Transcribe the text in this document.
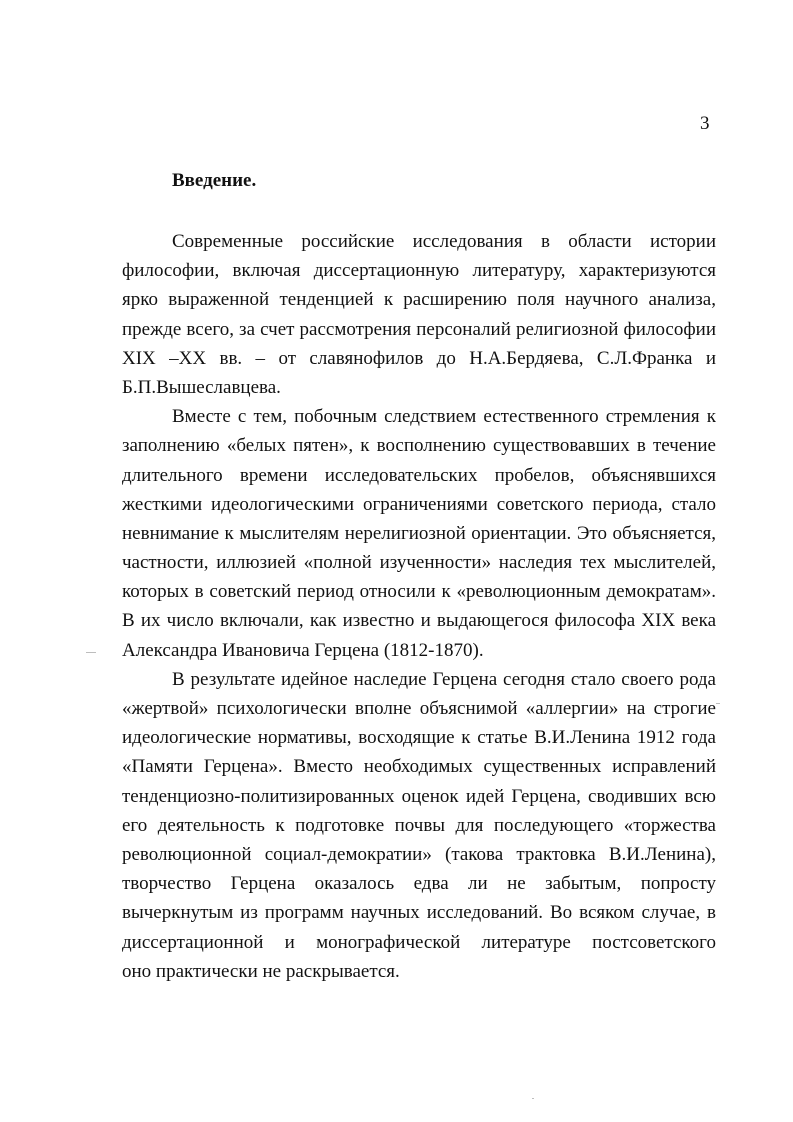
3
Введение.
Современные российские исследования в области истории
философии, включая диссертационную литературу, характеризуются
ярко выраженной тенденцией к расширению поля научного анализа,
прежде всего, за счет рассмотрения персоналий религиозной философии
XIX –XX вв. – от славянофилов до Н.А.Бердяева, С.Л.Франка и
Б.П.Вышеславцева.
Вместе с тем, побочным следствием естественного стремления к
заполнению «белых пятен», к восполнению существовавших в течение
длительного времени исследовательских пробелов, объяснявшихся
жесткими идеологическими ограничениями советского периода, стало
невнимание к мыслителям нерелигиозной ориентации. Это объясняется,
частности, иллюзией «полной изученности» наследия тех мыслителей,
которых в советский период относили к «революционным демократам».
В их число включали, как известно и выдающегося философа XIX века
Александра Ивановича Герцена (1812-1870).
В результате идейное наследие Герцена сегодня стало своего рода
«жертвой» психологически вполне объяснимой «аллергии» на строгие
идеологические нормативы, восходящие к статье В.И.Ленина 1912 года
«Памяти Герцена». Вместо необходимых существенных исправлений
тенденциозно-политизированных оценок идей Герцена, сводивших всю
его деятельность к подготовке почвы для последующего «торжества
революционной социал-демократии» (такова трактовка В.И.Ленина),
творчество Герцена оказалось едва ли не забытым, попросту
вычеркнутым из программ научных исследований. Во всяком случае, в
диссертационной и монографической литературе постсоветского
оно практически не раскрывается.
